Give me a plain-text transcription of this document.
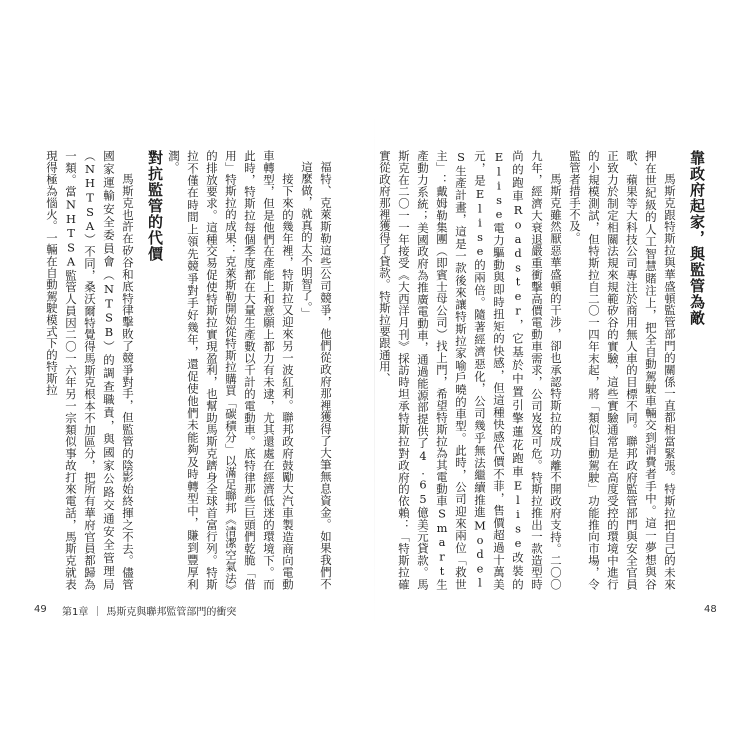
靠政府起家，與監管為敵

馬斯克跟特斯拉與華盛頓監管部門的關係一直都相當緊張。特斯拉把自己的未來押在世紀級的人工智慧賭注上，把全自動駕駛車輛交到消費者手中。這一夢想與谷歌、蘋果等大科技公司專注於商用無人車的目標不同。聯邦政府監管部門與安全官員正致力於制定相關法規來規範矽谷的實驗，這些實驗通常是在高度受控的環境中進行的小規模測試，但特斯拉自二〇一四年末起，將「類似自動駕駛」功能推向市場，令監管者措手不及。

馬斯克雖然厭惡華盛頓的干涉，卻也承認特斯拉的成功離不開政府支持。二〇〇九年，經濟大衰退嚴重衝擊高價電動車需求，公司岌岌可危。特斯拉推出一款造型時尚的跑車Roadster，它基於中置引擎蓮花跑車Elise改裝的Elise電力驅動與即時扭矩的快感，但這種快感代價不菲，售價超過十萬美元，是Elise的兩倍。隨著經濟惡化，公司幾乎無法繼續推進Model S生產計畫，這是一款後來讓特斯拉家喻戶曉的車型。此時，公司迎來兩位「救世主」：戴姆勒集團（即賓士母公司）找上門，希望特斯拉為其電動車Smart生產動力系統；美國政府為推廣電動車，通過能源部提供了4.65億美元貸款。馬斯克在二〇一一年接受《大西洋月刊》採訪時坦承特斯拉對政府的依賴：「特斯拉確實從政府那裡獲得了貸款。特斯拉要跟通用、

48

福特、克萊斯勒這些公司競爭，他們從政府那裡獲得了大筆無息資金。如果我們不這麼做，就真的太不明智了。」

接下來的幾年裡，特斯拉又迎來另一波紅利。聯邦政府鼓勵大汽車製造商向電動車轉型，但是他們在產能上和意願上都力有未逮，尤其還處在經濟低迷的環境下。而此時，特斯拉每個季度都在大量生產數以千計的電動車。底特律那些巨頭們乾脆「借用」特斯拉的成果：克萊斯勒開始從特斯拉購買「碳積分」以滿足聯邦《清潔空氣法》的排放要求。這種交易促使特斯拉實現盈利，也幫助馬斯克躋身全球首富行列。特斯拉不僅在時間上領先競爭對手好幾年，還促使他們未能夠及時轉型中，賺到豐厚利潤。

對抗監管的代價

馬斯克也許在矽谷和底特律擊敗了競爭對手，但監管的陰影始終揮之不去。儘管國家運輸安全委員會（NTSB）的調查職責，與國家公路交通安全管理局（NHTSA）不同，桑沃爾特覺得馬斯克根本不加區分，把所有華府官員都歸為一類。當NHTSA監管人員因二〇一六年另一宗類似事故打來電話，馬斯克就表現得極為惱火。一輛在自動駕駛模式下的特斯拉

49 第1章 ｜ 馬斯克與聯邦監管部門的衝突
